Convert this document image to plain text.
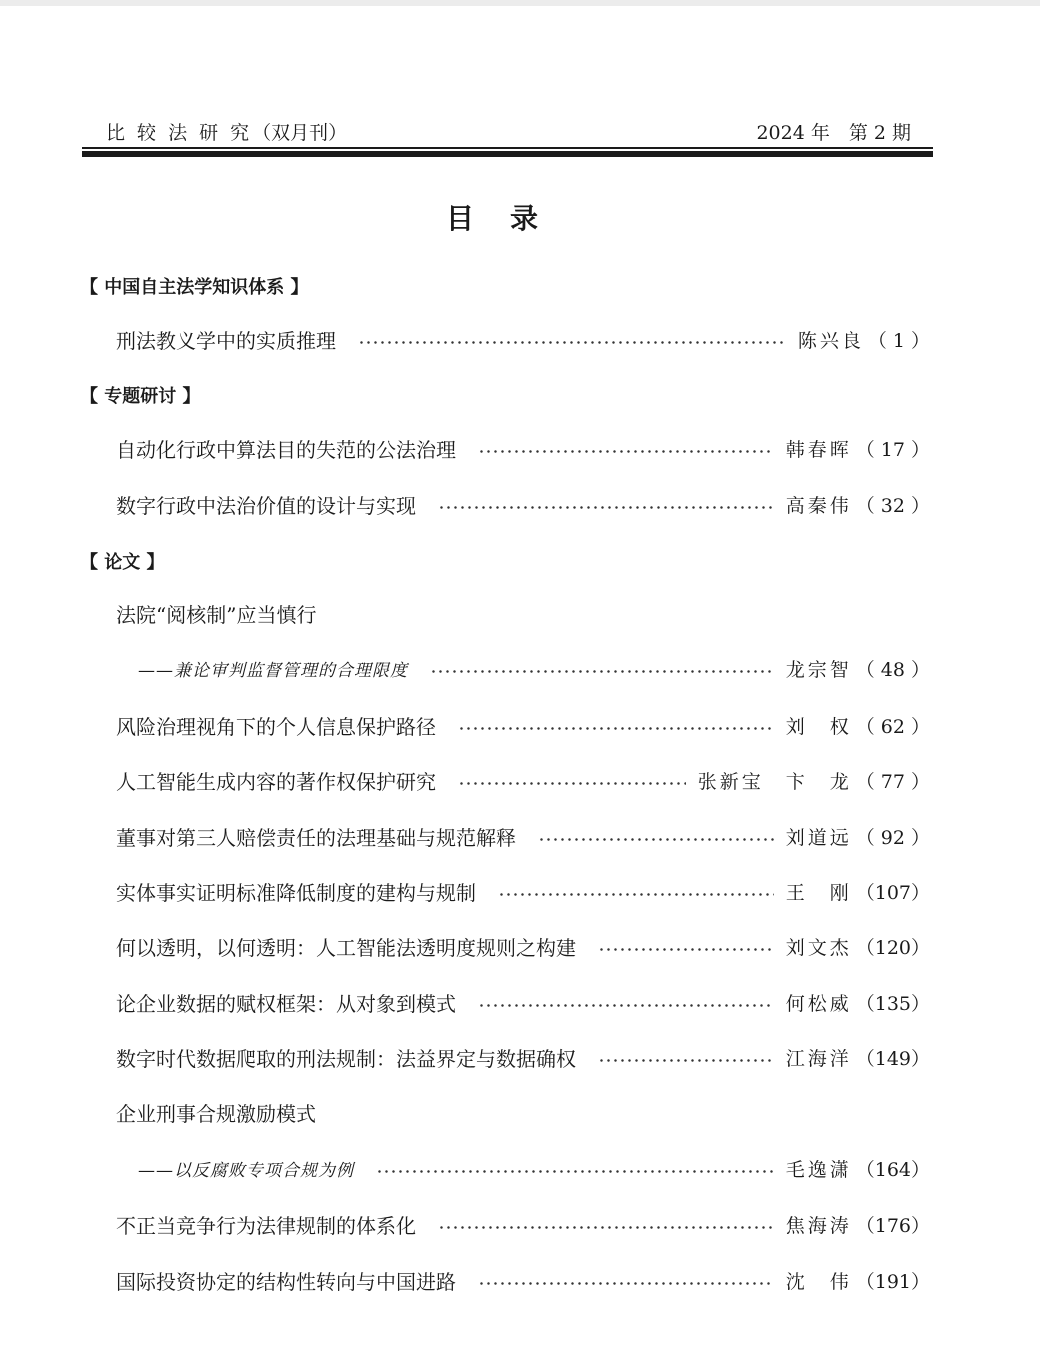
比 较 法 研 究（双月刊）	2024 年　第 2 期
目录
【 中国自主法学知识体系 】
【 专题研讨 】
【 论文 】
刑法教义学中的实质推理	陈兴良 （ 1 ）
自动化行政中算法目的失范的公法治理	韩春晖 （ 17 ）
数字行政中法治价值的设计与实现	高秦伟 （ 32 ）
法院“阅核制”应当慎行
——兼论审判监督管理的合理限度	龙宗智 （ 48 ）
风险治理视角下的个人信息保护路径	刘　权 （ 62 ）
人工智能生成内容的著作权保护研究	张新宝　卞　龙 （ 77 ）
董事对第三人赔偿责任的法理基础与规范解释	刘道远 （ 92 ）
实体事实证明标准降低制度的建构与规制	王　刚 （107）
何以透明，以何透明：人工智能法透明度规则之构建	刘文杰 （120）
论企业数据的赋权框架：从对象到模式	何松威 （135）
数字时代数据爬取的刑法规制：法益界定与数据确权	江海洋 （149）
企业刑事合规激励模式
——以反腐败专项合规为例	毛逸潇 （164）
不正当竞争行为法律规制的体系化	焦海涛 （176）
国际投资协定的结构性转向与中国进路	沈　伟 （191）
